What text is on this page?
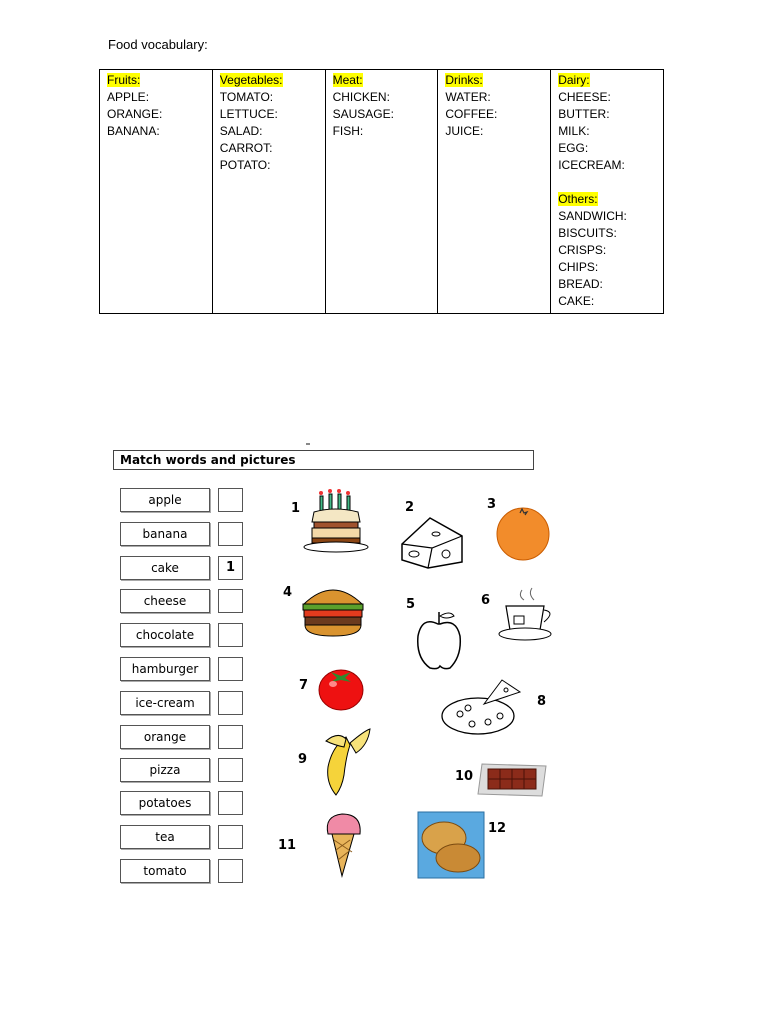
Food vocabulary:
Fruits:
APPLE:
ORANGE:
BANANA:
	Vegetables:
TOMATO:
LETTUCE:
SALAD:
CARROT:
POTATO:
	Meat:
CHICKEN:
SAUSAGE:
FISH:
	Drinks:
WATER:
COFFEE:
JUICE:
	Dairy:
CHEESE:
BUTTER:
MILK:
EGG:
ICECREAM:
Others:
SANDWICH:
BISCUITS:
CRISPS:
CHIPS:
BREAD:
CAKE:
Match words and pictures
apple
banana
cake
cheese
chocolate
hamburger
ice-cream
orange
pizza
potatoes
tea
tomato
1
1	2	3
4
5	6
7
8
9
10
11
12
